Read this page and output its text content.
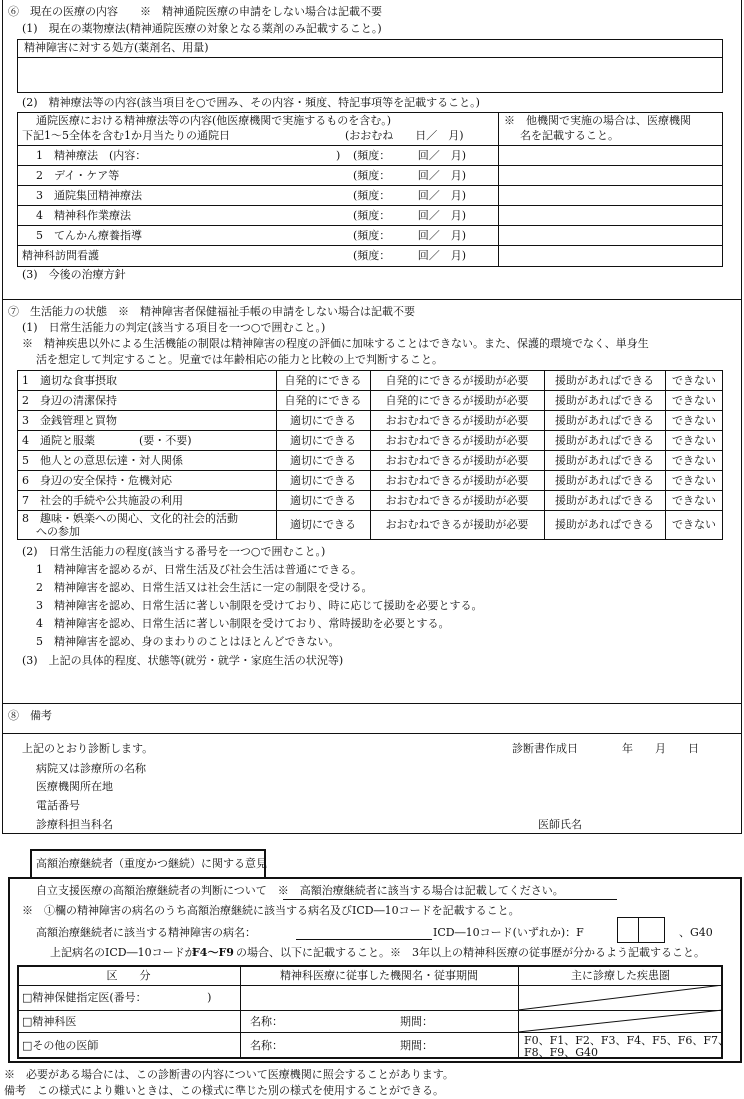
⑥　現在の医療の内容　　※　精神通院医療の申請をしない場合は記載不要
(1)　現在の薬物療法(精神通院医療の対象となる薬剤のみ記載すること。)
精神障害に対する処方(薬剤名、用量)
(2)　精神療法等の内容(該当項目を○で囲み、その内容・頻度、特記事項等を記載すること。)
通院医療における精神療法等の内容(他医療機関で実施するものを含む。)
下記1～5全体を含む1か月当たりの通院日	(おおむね　　日／　月)
※　他機関で実施の場合は、医療機関
名を記載すること。
1　精神療法　(内容：	) (頻度：　　　回／　月)
2　デイ・ケア等	(頻度：　　　回／　月)
3　通院集団精神療法	(頻度：　　　回／　月)
4　精神科作業療法	(頻度：　　　回／　月)
5　てんかん療養指導	(頻度：　　　回／　月)
精神科訪問看護	(頻度：　　　回／　月)
(3)　今後の治療方針
⑦　生活能力の状態　※　精神障害者保健福祉手帳の申請をしない場合は記載不要
(1)　日常生活能力の判定(該当する項目を一つ○で囲むこと。)
※　精神疾患以外による生活機能の制限は精神障害の程度の評価に加味することはできない。また、保護的環境でなく、単身生
活を想定して判定すること。児童では年齢相応の能力と比較の上で判断すること。
1　適切な食事摂取	自発的にできる	自発的にできるが援助が必要	援助があればできる	できない
2　身辺の清潔保持	自発的にできる	自発的にできるが援助が必要	援助があればできる	できない
3　金銭管理と買物	適切にできる	おおむねできるが援助が必要	援助があればできる	できない
4　通院と服薬　　　　(要・不要)	適切にできる	おおむねできるが援助が必要	援助があればできる	できない
5　他人との意思伝達・対人関係	適切にできる	おおむねできるが援助が必要	援助があればできる	できない
6　身辺の安全保持・危機対応	適切にできる	おおむねできるが援助が必要	援助があればできる	できない
7　社会的手続や公共施設の利用	適切にできる	おおむねできるが援助が必要	援助があればできる	できない
8　趣味・娯楽への関心、文化的社会的活動
への参加
適切にできる	おおむねできるが援助が必要	援助があればできる	できない
(2)　日常生活能力の程度(該当する番号を一つ○で囲むこと。)
1　精神障害を認めるが、日常生活及び社会生活は普通にできる。
2　精神障害を認め、日常生活又は社会生活に一定の制限を受ける。
3　精神障害を認め、日常生活に著しい制限を受けており、時に応じて援助を必要とする。
4　精神障害を認め、日常生活に著しい制限を受けており、常時援助を必要とする。
5　精神障害を認め、身のまわりのことはほとんどできない。
(3)　上記の具体的程度、状態等(就労・就学・家庭生活の状況等)
⑧　備考
上記のとおり診断します。	診断書作成日　　　　年　　月　　日
病院又は診療所の名称
医療機関所在地
電話番号
診療科担当科名	医師氏名
高額治療継続者（重度かつ継続）に関する意見
自立支援医療の高額治療継続者の判断について　※　高額治療継続者に該当する場合は記載してください。
※　①欄の精神障害の病名のうち高額治療継続に該当する病名及びICD―10コードを記載すること。
高額治療継続者に該当する精神障害の病名：	ICD―10コード(いずれか)：F	、G40
上記病名のICD―10コードが
F4～F9 の場合、以下に記載すること。※　3年以上の精神科医療の従事歴が分かるよう記載すること。
区　　分	精神科医療に従事した機関名・従事期間	主に診療した疾患圏
□精神保健指定医(番号：　　　　　　)
□精神科医	名称：	期間：
□その他の医師	名称：	期間：	F0、F1、F2、F3、F4、F5、F6、F7、
F8、F9、G40
※　必要がある場合には、この診断書の内容について医療機関に照会することがあります。
備考　この様式により難いときは、この様式に準じた別の様式を使用することができる。
